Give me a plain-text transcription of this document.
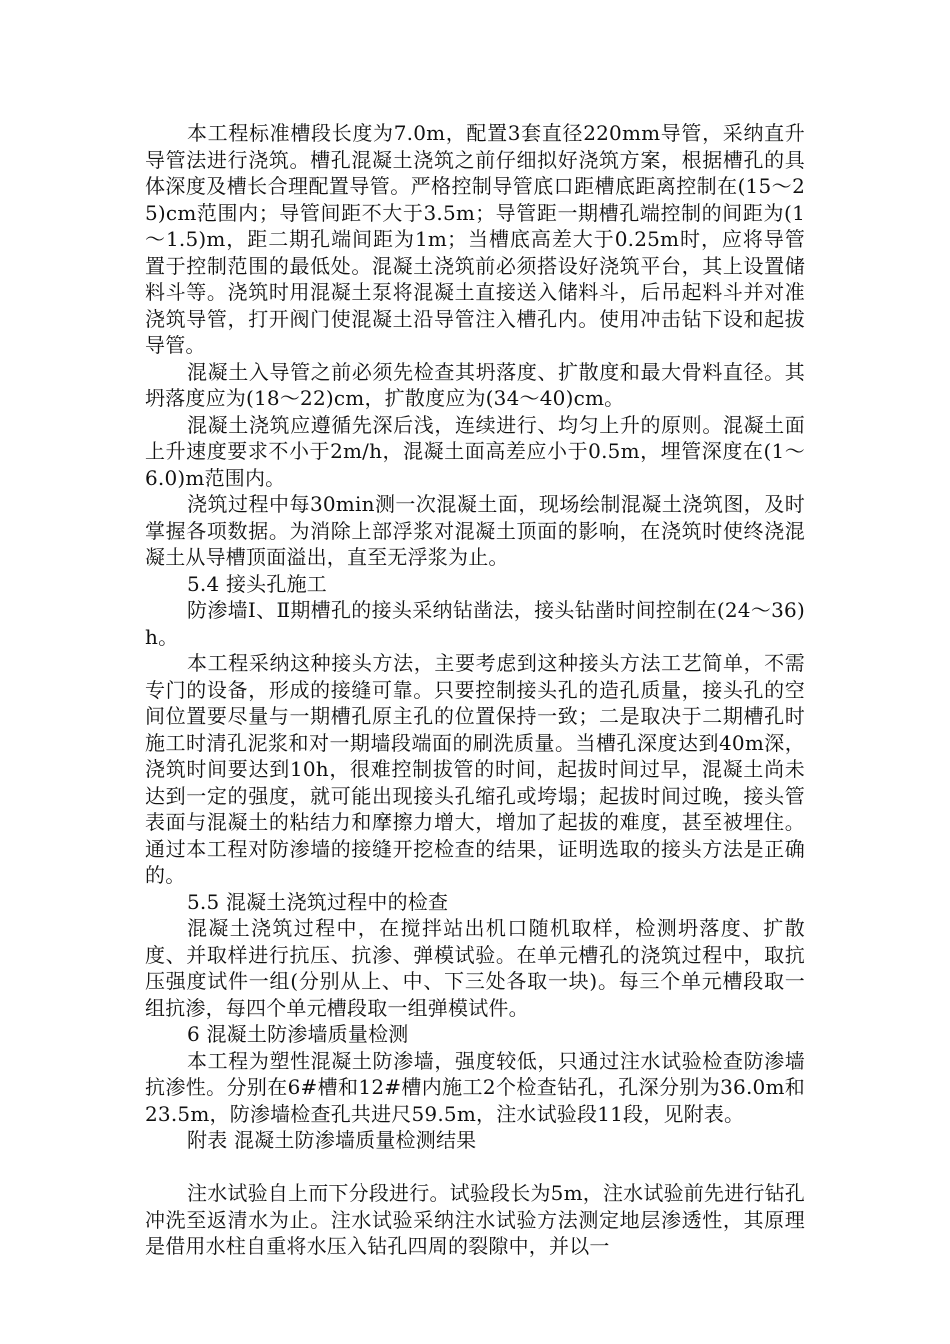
本工程标准槽段长度为7.0m，配置3套直径220mm导管，采纳直升导管法进行浇筑。槽孔混凝土浇筑之前仔细拟好浇筑方案，根据槽孔的具体深度及槽长合理配置导管。严格控制导管底口距槽底距离控制在(15～25)cm范围内；导管间距不大于3.5m；导管距一期槽孔端控制的间距为(1～1.5)m，距二期孔端间距为1m；当槽底高差大于0.25m时，应将导管置于控制范围的最低处。混凝土浇筑前必须搭设好浇筑平台，其上设置储料斗等。浇筑时用混凝土泵将混凝土直接送入储料斗，后吊起料斗并对准浇筑导管，打开阀门使混凝土沿导管注入槽孔内。使用冲击钻下设和起拔导管。

混凝土入导管之前必须先检查其坍落度、扩散度和最大骨料直径。其坍落度应为(18～22)cm，扩散度应为(34～40)cm。

混凝土浇筑应遵循先深后浅，连续进行、均匀上升的原则。混凝土面上升速度要求不小于2m/h，混凝土面高差应小于0.5m，埋管深度在(1～6.0)m范围内。

浇筑过程中每30min测一次混凝土面，现场绘制混凝土浇筑图，及时掌握各项数据。为消除上部浮浆对混凝土顶面的影响，在浇筑时使终浇混凝土从导槽顶面溢出，直至无浮浆为止。

5.4 接头孔施工

防渗墙Ⅰ、Ⅱ期槽孔的接头采纳钻凿法，接头钻凿时间控制在(24～36)h。

本工程采纳这种接头方法，主要考虑到这种接头方法工艺简单，不需专门的设备，形成的接缝可靠。只要控制接头孔的造孔质量，接头孔的空间位置要尽量与一期槽孔原主孔的位置保持一致；二是取决于二期槽孔时施工时清孔泥浆和对一期墙段端面的刷洗质量。当槽孔深度达到40m深，浇筑时间要达到10h，很难控制拔管的时间，起拔时间过早，混凝土尚未达到一定的强度，就可能出现接头孔缩孔或垮塌；起拔时间过晚，接头管表面与混凝土的粘结力和摩擦力增大，增加了起拔的难度，甚至被埋住。通过本工程对防渗墙的接缝开挖检查的结果，证明选取的接头方法是正确的。

5.5 混凝土浇筑过程中的检查

混凝土浇筑过程中，在搅拌站出机口随机取样，检测坍落度、扩散度、并取样进行抗压、抗渗、弹模试验。在单元槽孔的浇筑过程中，取抗压强度试件一组(分别从上、中、下三处各取一块)。每三个单元槽段取一组抗渗，每四个单元槽段取一组弹模试件。

6 混凝土防渗墙质量检测

本工程为塑性混凝土防渗墙，强度较低，只通过注水试验检查防渗墙抗渗性。分别在6#槽和12#槽内施工2个检查钻孔，孔深分别为36.0m和23.5m，防渗墙检查孔共进尺59.5m，注水试验段11段，见附表。

附表 混凝土防渗墙质量检测结果

注水试验自上而下分段进行。试验段长为5m，注水试验前先进行钻孔冲洗至返清水为止。注水试验采纳注水试验方法测定地层渗透性，其原理是借用水柱自重将水压入钻孔四周的裂隙中，并以一
